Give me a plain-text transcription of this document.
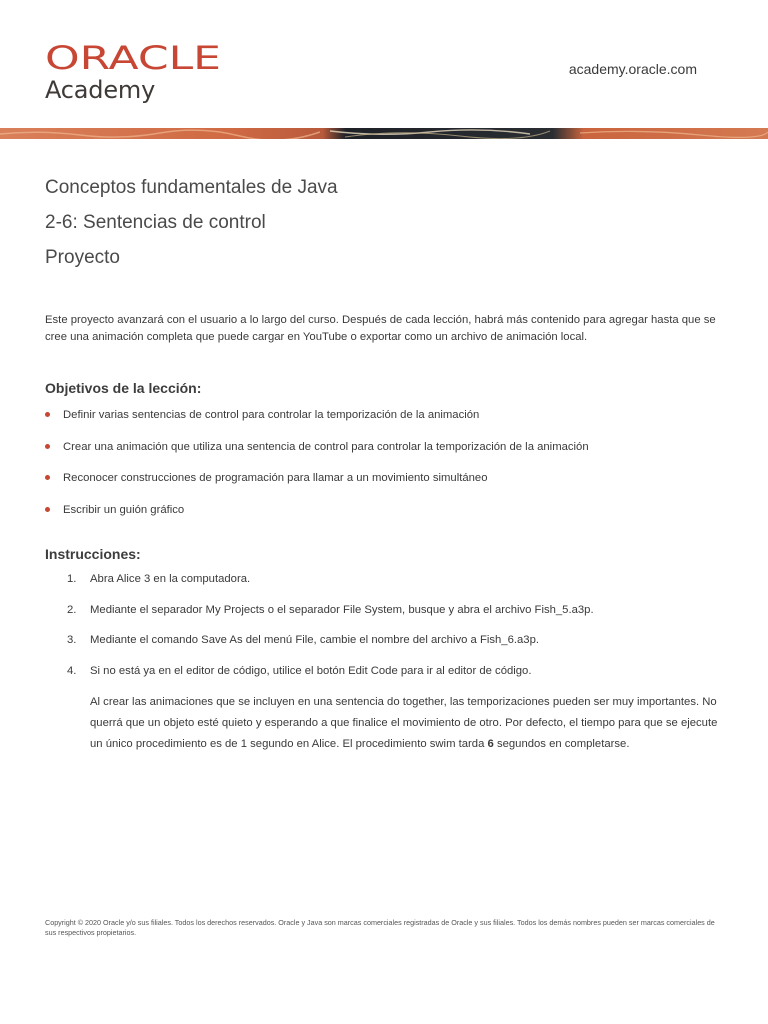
ORACLE
Academy
academy.oracle.com
Conceptos fundamentales de Java
2-6: Sentencias de control
Proyecto

Este proyecto avanzará con el usuario a lo largo del curso. Después de cada lección, habrá más contenido para agregar hasta que se cree una animación completa que puede cargar en YouTube o exportar como un archivo de animación local.

Objetivos de la lección:
Definir varias sentencias de control para controlar la temporización de la animación
Crear una animación que utiliza una sentencia de control para controlar la temporización de la animación
Reconocer construcciones de programación para llamar a un movimiento simultáneo
Escribir un guión gráfico
Instrucciones:
1. Abra Alice 3 en la computadora.
2. Mediante el separador My Projects o el separador File System, busque y abra el archivo Fish_5.a3p.
3. Mediante el comando Save As del menú File, cambie el nombre del archivo a Fish_6.a3p.
4. Si no está ya en el editor de código, utilice el botón Edit Code para ir al editor de código.

Al crear las animaciones que se incluyen en una sentencia do together, las temporizaciones pueden ser muy importantes. No querrá que un objeto esté quieto y esperando a que finalice el movimiento de otro. Por defecto, el tiempo para que se ejecute un único procedimiento es de 1 segundo en Alice. El procedimiento swim tarda 6 segundos en completarse.

Copyright © 2020 Oracle y/o sus filiales. Todos los derechos reservados. Oracle y Java son marcas comerciales registradas de Oracle y sus filiales. Todos los demás nombres pueden ser marcas comerciales de sus respectivos propietarios.
